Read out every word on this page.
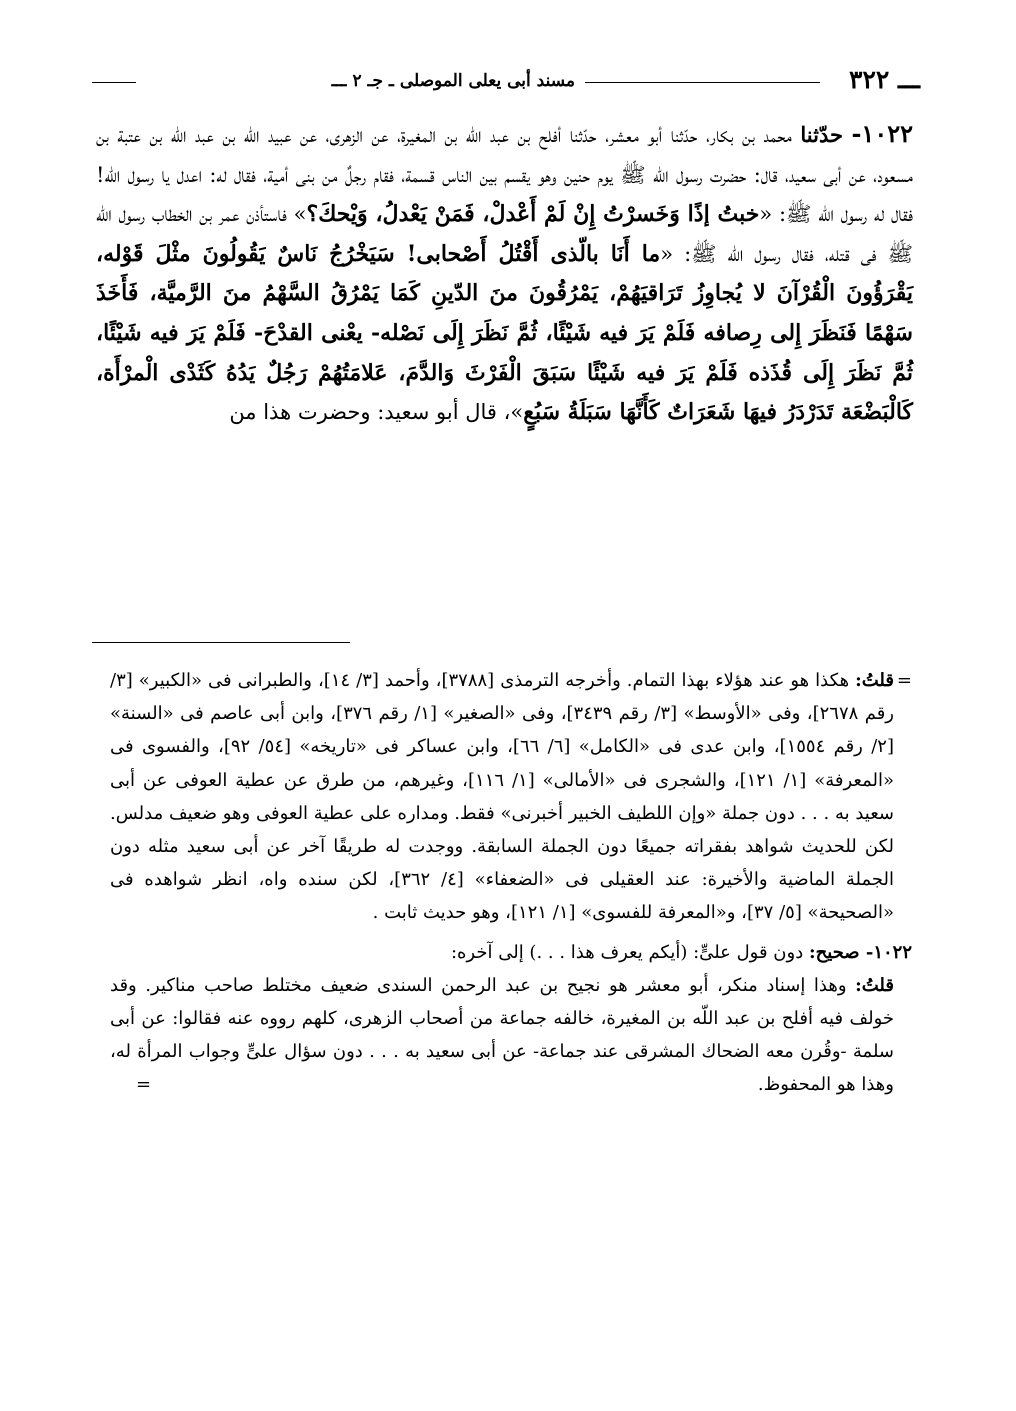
ـــ ٣٢٢
مسند أبى يعلى الموصلى ـ جـ ٢ ـــ

١٠٢٢- حدّثنا محمد بن بكار، حدّثنا أبو معشر، حدّثنا أفلح بن عبد اللّه بن المغيرة، عن الزهرى، عن عبيد اللّه بن عبد اللّه بن عتبة بن مسعود، عن أبى سعيد، قال: حضرت رسول اللّه ﷺ يوم حنين وهو يقسم بين الناس قسمة، فقام رجلٌ من بنى أمية، فقال له: اعدل يا رسول اللّه! فقال له رسول اللّه ﷺ: «خبتُ إذًا وَخَسرْتُ إِنْ لَمْ أَعْدلْ، فَمَنْ يَعْدلُ، وَيْحكَ؟» فاستأذن عمر بن الخطاب رسول اللّه ﷺ فى قتله، فقال رسول اللّه ﷺ: «ما أَنَا بالّذى أَقْتُلُ أَصْحابى! سَيَخْرُجُ نَاسٌ يَقُولُونَ مثْلَ قَوْله، يَقْرَؤُونَ الْقُرْآنَ لا يُجاوِزُ تَرَاقيَهُمْ، يَمْرُقُونَ منَ الدّينِ كَمَا يَمْرُقُ السَّهْمُ منَ الرَّميَّة، فَأَخَذَ سَهْمًا فَنَظَرَ إِلى رِصافه فَلَمْ يَرَ فيه شَيْئًا، ثُمَّ نَظَرَ إِلَى نَصْله- يعْنى القدْحَ- فَلَمْ يَرَ فيه شَيْئًا، ثُمَّ نَظَرَ إِلَى قُذَذه فَلَمْ يَرَ فيه شَيْئًا سَبَقَ الْفَرْثَ وَالدَّمَ، عَلامَتُهُمْ رَجُلٌ يَدُهُ كَثَدْى الْمرْأَة، كَالْبَضْعَة تَدَرْدَرُ فيهَا شَعَرَاتٌ كَأَنَّهَا سَبَلَةُ سَبُعٍ»، قال أبو سعيد: وحضرت هذا من

=
قلتُ: هكذا هو عند هؤلاء بهذا التمام. وأخرجه الترمذى [٣٧٨٨]، وأحمد [٣/ ١٤]، والطبرانى فى «الكبير» [٣/ رقم ٢٦٧٨]، وفى «الأوسط» [٣/ رقم ٣٤٣٩]، وفى «الصغير» [١/ رقم ٣٧٦]، وابن أبى عاصم فى «السنة» [٢/ رقم ١٥٥٤]، وابن عدى فى «الكامل» [٦/ ٦٦]، وابن عساكر فى «تاريخه» [٥٤/ ٩٢]، والفسوى فى «المعرفة» [١/ ١٢١]، والشجرى فى «الأمالى» [١/ ١١٦]، وغيرهم، من طرق عن عطية العوفى عن أبى سعيد به . . . دون جملة «وإن اللطيف الخبير أخبرنى» فقط. ومداره على عطية العوفى وهو ضعيف مدلس. لكن للحديث شواهد بفقراته جميعًا دون الجملة السابقة. ووجدت له طريقًا آخر عن أبى سعيد مثله دون الجملة الماضية والأخيرة: عند العقيلى فى «الضعفاء» [٤/ ٣٦٢]، لكن سنده واه، انظر شواهده فى «الصحيحة» [٥/ ٣٧]، و«المعرفة للفسوى» [١/ ١٢١]، وهو حديث ثابت .

١٠٢٢- صحيح: دون قول علىٍّ: (أيكم يعرف هذا . . .) إلى آخره:

قلتُ: وهذا إسناد منكر، أبو معشر هو نجيح بن عبد الرحمن السندى ضعيف مختلط صاحب مناكير. وقد خولف فيه أفلح بن عبد اللّه بن المغيرة، خالفه جماعة من أصحاب الزهرى، كلهم رووه عنه فقالوا: عن أبى سلمة -وقُرن معه الضحاك المشرقى عند جماعة- عن أبى سعيد به . . . دون سؤال علىٍّ وجواب المرأة له، وهذا هو المحفوظ.
=
